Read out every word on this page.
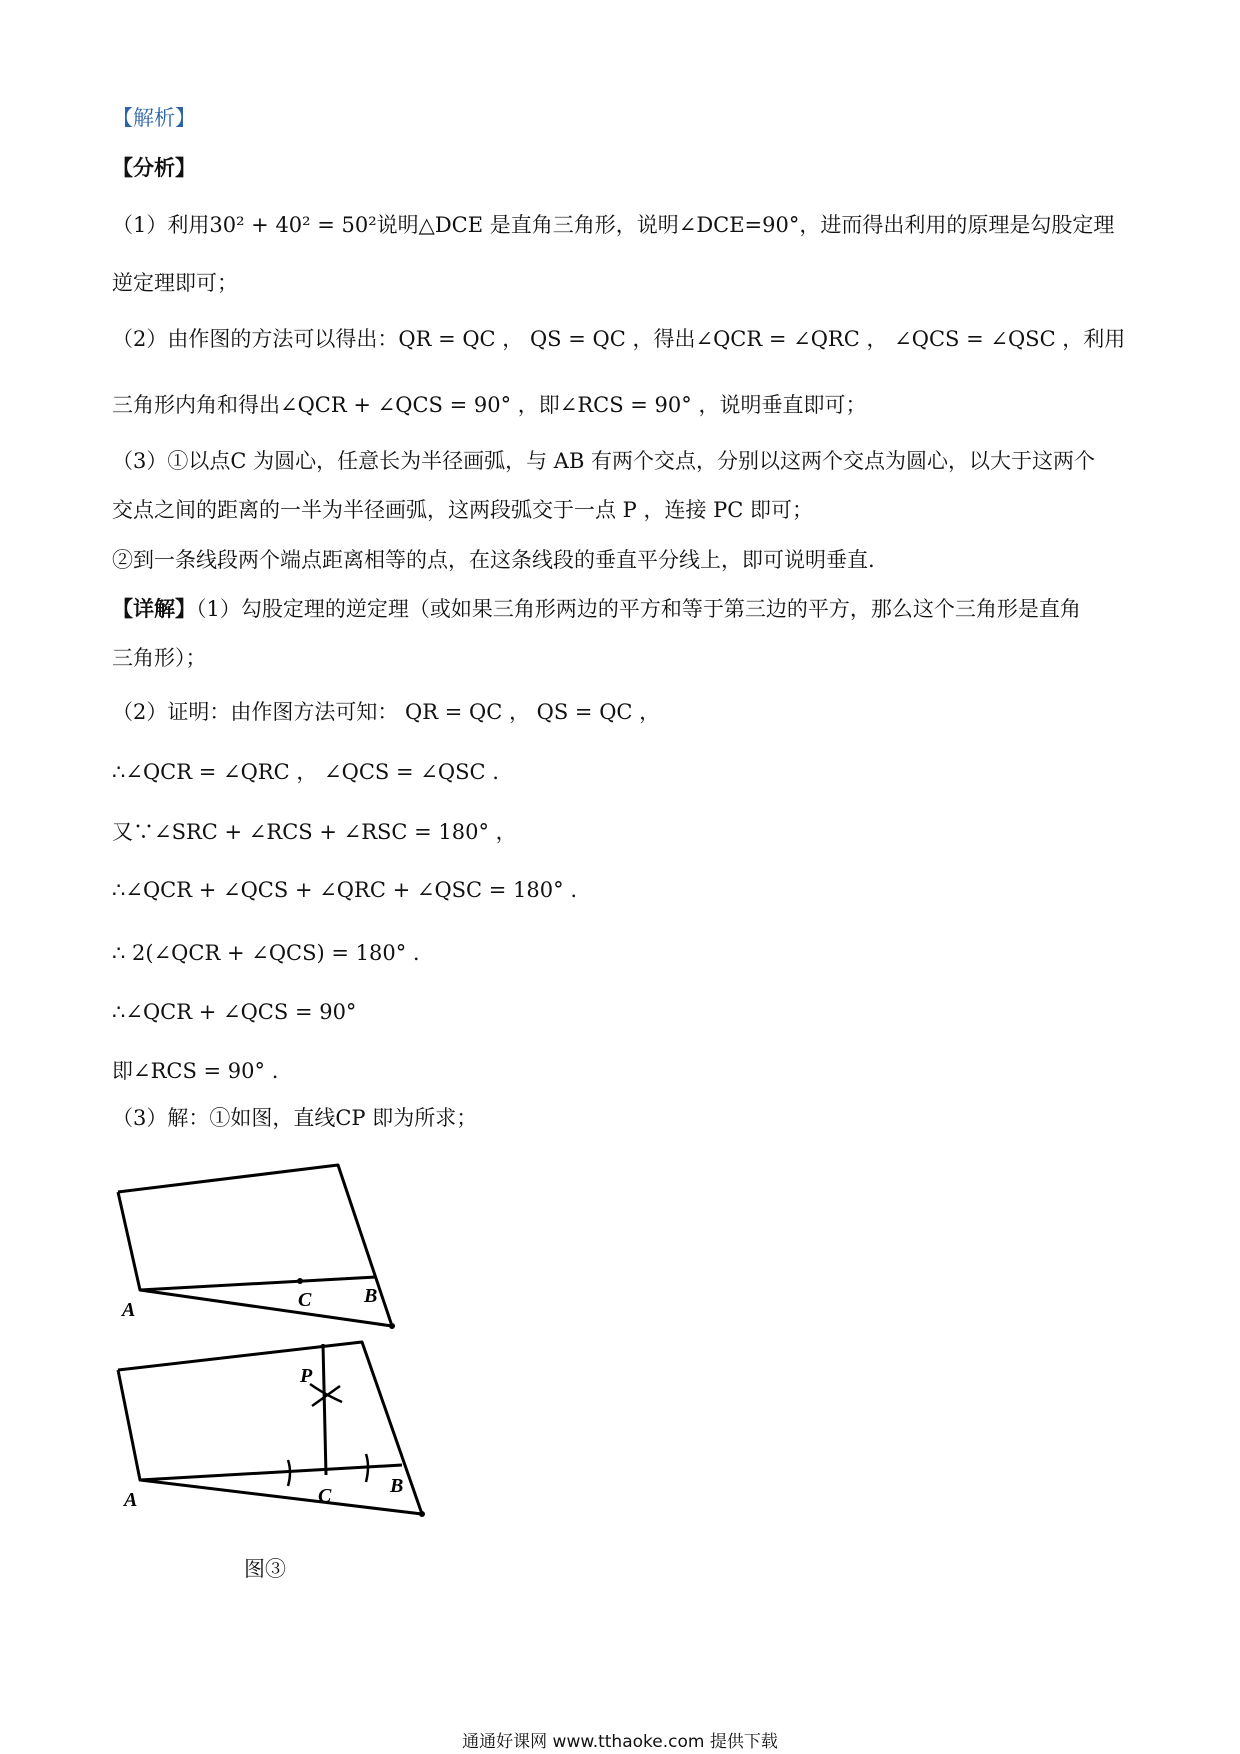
【解析】
【分析】
（1）利用30² + 40² = 50²说明△DCE 是直角三角形，说明∠DCE=90°，进而得出利用的原理是勾股定理
逆定理即可；
（2）由作图的方法可以得出：QR = QC ， QS = QC ，得出∠QCR = ∠QRC ， ∠QCS = ∠QSC ，利用
三角形内角和得出∠QCR + ∠QCS = 90° ，即∠RCS = 90° ，说明垂直即可；
（3）①以点C 为圆心，任意长为半径画弧，与 AB 有两个交点，分别以这两个交点为圆心，以大于这两个
交点之间的距离的一半为半径画弧，这两段弧交于一点 P ，连接 PC 即可；
②到一条线段两个端点距离相等的点，在这条线段的垂直平分线上，即可说明垂直.
【详解】（1）勾股定理的逆定理（或如果三角形两边的平方和等于第三边的平方，那么这个三角形是直角
三角形）；
（2）证明：由作图方法可知： QR = QC ， QS = QC ，
∴∠QCR = ∠QRC ， ∠QCS = ∠QSC .
又∵∠SRC + ∠RCS + ∠RSC = 180° ，
∴∠QCR + ∠QCS + ∠QRC + ∠QSC = 180° .
∴ 2(∠QCR + ∠QCS) = 180° .
∴∠QCR + ∠QCS = 90°
即∠RCS = 90° .
（3）解：①如图，直线CP 即为所求；
A	C	B
P
A	C	B
图③
通通好课网 www.tthaoke.com 提供下载
